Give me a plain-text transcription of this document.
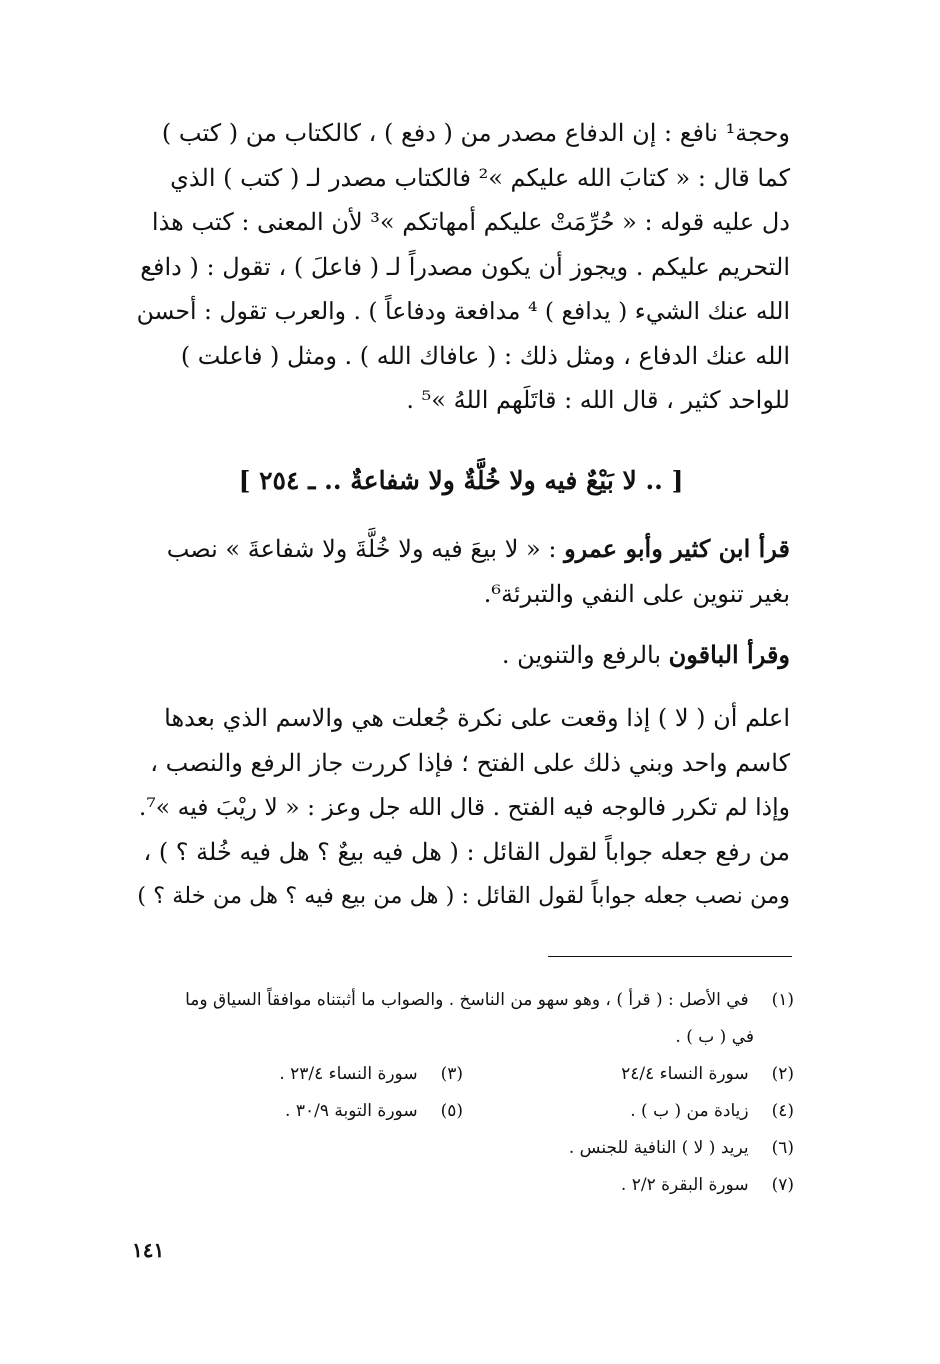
وحجة¹ نافع : إن الدفاع مصدر من ( دفع ) ، كالكتاب من ( كتب )
كما قال : « كتابَ الله عليكم »² فالكتاب مصدر لـ ( كتب ) الذي
دل عليه قوله : « حُرِّمَتْ عليكم أمهاتكم »³ لأن المعنى : كتب هذا
التحريم عليكم . ويجوز أن يكون مصدراً لـ ( فاعلَ ) ، تقول : ( دافع
الله عنك الشيء ( يدافع ) ⁴ مدافعة ودفاعاً ) . والعرب تقول : أحسن
الله عنك الدفاع ، ومثل ذلك : ( عافاك الله ) . ومثل ( فاعلت )
للواحد كثير ، قال الله : قاتَلَهم اللهُ »⁵ .
[ .. لا بَيْعٌ فيه ولا خُلَّةٌ ولا شفاعةٌ .. ـ ٢٥٤ ]
قرأ ابن كثير وأبو عمرو : « لا بيعَ فيه ولا خُلَّةَ ولا شفاعةَ » نصب
بغير تنوين على النفي والتبرئة⁶.
وقرأ الباقون بالرفع والتنوين .
اعلم أن ( لا ) إذا وقعت على نكرة جُعلت هي والاسم الذي بعدها
كاسم واحد وبني ذلك على الفتح ؛ فإذا كررت جاز الرفع والنصب ،
وإذا لم تكرر فالوجه فيه الفتح . قال الله جل وعز : « لا ريْبَ فيه »⁷.
من رفع جعله جواباً لقول القائل : ( هل فيه بيعٌ ؟ هل فيه خُلة ؟ ) ،
ومن نصب جعله جواباً لقول القائل : ( هل من بيع فيه ؟ هل من خلة ؟ )
(١) في الأصل : ( قرأ ) ، وهو سهو من الناسخ . والصواب ما أثبتناه موافقاً السياق وما
في ( ب ) .
(٢) سورة النساء ٢٤/٤
(٣) سورة النساء ٢٣/٤ .
(٤) زيادة من ( ب ) .
(٥) سورة التوبة ٣٠/٩ .
(٦) يريد ( لا ) النافية للجنس .
(٧) سورة البقرة ٢/٢ .
١٤١
